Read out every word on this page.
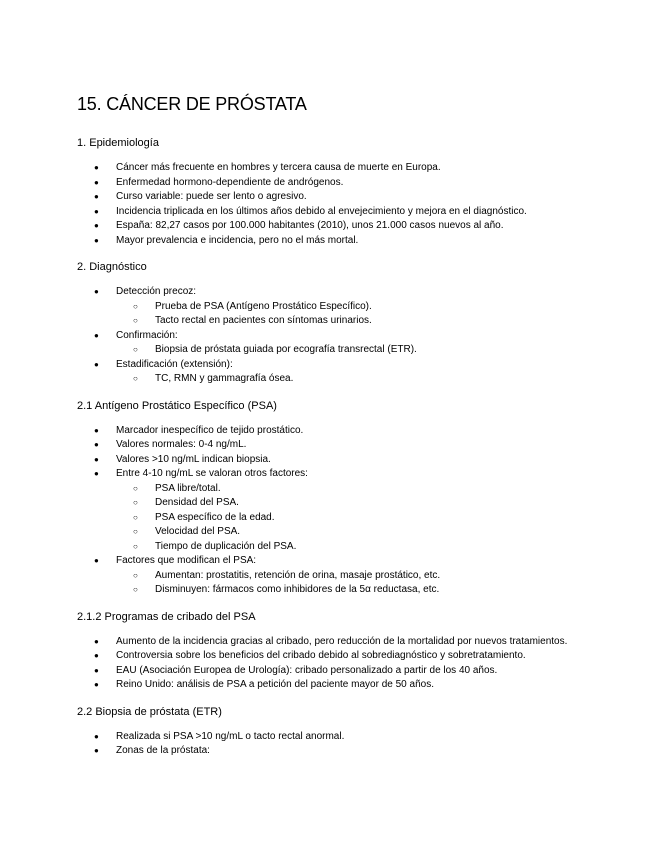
15. CÁNCER DE PRÓSTATA
1. Epidemiología
● Cáncer más frecuente en hombres y tercera causa de muerte en Europa.
● Enfermedad hormono-dependiente de andrógenos.
● Curso variable: puede ser lento o agresivo.
● Incidencia triplicada en los últimos años debido al envejecimiento y mejora en el diagnóstico.
● España: 82,27 casos por 100.000 habitantes (2010), unos 21.000 casos nuevos al año.
● Mayor prevalencia e incidencia, pero no el más mortal.
2. Diagnóstico
● Detección precoz:
○ Prueba de PSA (Antígeno Prostático Específico).
○ Tacto rectal en pacientes con síntomas urinarios.
● Confirmación:
○ Biopsia de próstata guiada por ecografía transrectal (ETR).
● Estadificación (extensión):
○ TC, RMN y gammagrafía ósea.
2.1 Antígeno Prostático Específico (PSA)
● Marcador inespecífico de tejido prostático.
● Valores normales: 0-4 ng/mL.
● Valores >10 ng/mL indican biopsia.
● Entre 4-10 ng/mL se valoran otros factores:
○ PSA libre/total.
○ Densidad del PSA.
○ PSA específico de la edad.
○ Velocidad del PSA.
○ Tiempo de duplicación del PSA.
● Factores que modifican el PSA:
○ Aumentan: prostatitis, retención de orina, masaje prostático, etc.
○ Disminuyen: fármacos como inhibidores de la 5α reductasa, etc.
2.1.2 Programas de cribado del PSA
● Aumento de la incidencia gracias al cribado, pero reducción de la mortalidad por nuevos tratamientos.
● Controversia sobre los beneficios del cribado debido al sobrediagnóstico y sobretratamiento.
● EAU (Asociación Europea de Urología): cribado personalizado a partir de los 40 años.
● Reino Unido: análisis de PSA a petición del paciente mayor de 50 años.
2.2 Biopsia de próstata (ETR)
● Realizada si PSA >10 ng/mL o tacto rectal anormal.
● Zonas de la próstata:
